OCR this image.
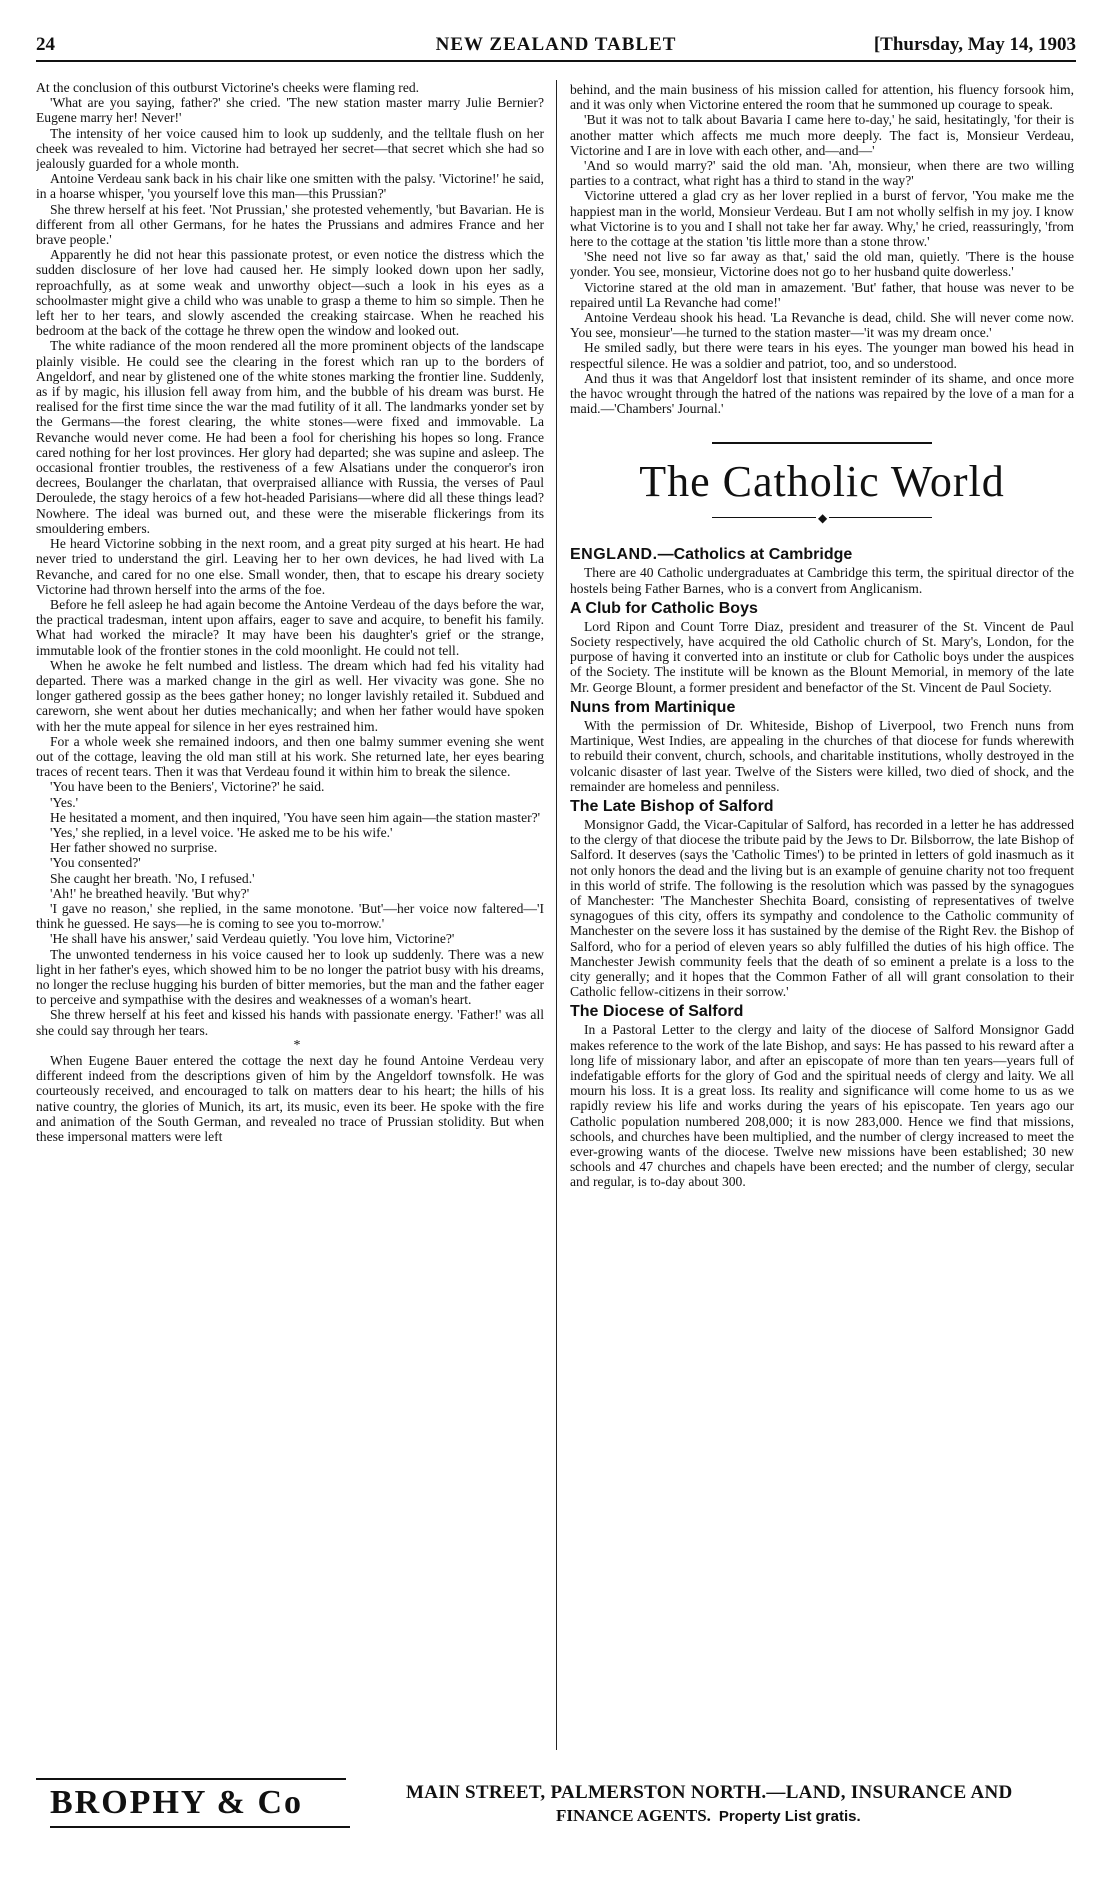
24	NEW ZEALAND TABLET	[Thursday, May 14, 1903

At the conclusion of this outburst Victorine's cheeks were flaming red.

'What are you saying, father?' she cried. 'The new station master marry Julie Bernier? Eugene marry her! Never!'

The intensity of her voice caused him to look up suddenly, and the telltale flush on her cheek was revealed to him. Victorine had betrayed her secret—that secret which she had so jealously guarded for a whole month.

Antoine Verdeau sank back in his chair like one smitten with the palsy. 'Victorine!' he said, in a hoarse whisper, 'you yourself love this man—this Prussian?'

She threw herself at his feet. 'Not Prussian,' she protested vehemently, 'but Bavarian. He is different from all other Germans, for he hates the Prussians and admires France and her brave people.'

Apparently he did not hear this passionate protest, or even notice the distress which the sudden disclosure of her love had caused her. He simply looked down upon her sadly, reproachfully, as at some weak and unworthy object—such a look in his eyes as a schoolmaster might give a child who was unable to grasp a theme to him so simple. Then he left her to her tears, and slowly ascended the creaking staircase. When he reached his bedroom at the back of the cottage he threw open the window and looked out.

The white radiance of the moon rendered all the more prominent objects of the landscape plainly visible. He could see the clearing in the forest which ran up to the borders of Angeldorf, and near by glistened one of the white stones marking the frontier line. Suddenly, as if by magic, his illusion fell away from him, and the bubble of his dream was burst. He realised for the first time since the war the mad futility of it all. The landmarks yonder set by the Germans—the forest clearing, the white stones—were fixed and immovable. La Revanche would never come. He had been a fool for cherishing his hopes so long. France cared nothing for her lost provinces. Her glory had departed; she was supine and asleep. The occasional frontier troubles, the restiveness of a few Alsatians under the conqueror's iron decrees, Boulanger the charlatan, that overpraised alliance with Russia, the verses of Paul Deroulede, the stagy heroics of a few hot-headed Parisians—where did all these things lead? Nowhere. The ideal was burned out, and these were the miserable flickerings from its smouldering embers.

He heard Victorine sobbing in the next room, and a great pity surged at his heart. He had never tried to understand the girl. Leaving her to her own devices, he had lived with La Revanche, and cared for no one else. Small wonder, then, that to escape his dreary society Victorine had thrown herself into the arms of the foe.

Before he fell asleep he had again become the Antoine Verdeau of the days before the war, the practical tradesman, intent upon affairs, eager to save and acquire, to benefit his family. What had worked the miracle? It may have been his daughter's grief or the strange, immutable look of the frontier stones in the cold moonlight. He could not tell.

When he awoke he felt numbed and listless. The dream which had fed his vitality had departed. There was a marked change in the girl as well. Her vivacity was gone. She no longer gathered gossip as the bees gather honey; no longer lavishly retailed it. Subdued and careworn, she went about her duties mechanically; and when her father would have spoken with her the mute appeal for silence in her eyes restrained him.

For a whole week she remained indoors, and then one balmy summer evening she went out of the cottage, leaving the old man still at his work. She returned late, her eyes bearing traces of recent tears. Then it was that Verdeau found it within him to break the silence.

'You have been to the Beniers', Victorine?' he said.

'Yes.'

He hesitated a moment, and then inquired, 'You have seen him again—the station master?'

'Yes,' she replied, in a level voice. 'He asked me to be his wife.'

Her father showed no surprise.

'You consented?'

She caught her breath. 'No, I refused.'

'Ah!' he breathed heavily. 'But why?'

'I gave no reason,' she replied, in the same monotone. 'But'—her voice now faltered—'I think he guessed. He says—he is coming to see you to-morrow.'

'He shall have his answer,' said Verdeau quietly. 'You love him, Victorine?'

The unwonted tenderness in his voice caused her to look up suddenly. There was a new light in her father's eyes, which showed him to be no longer the patriot busy with his dreams, no longer the recluse hugging his burden of bitter memories, but the man and the father eager to perceive and sympathise with the desires and weaknesses of a woman's heart.

She threw herself at his feet and kissed his hands with passionate energy. 'Father!' was all she could say through her tears.

*

When Eugene Bauer entered the cottage the next day he found Antoine Verdeau very different indeed from the descriptions given of him by the Angeldorf townsfolk. He was courteously received, and encouraged to talk on matters dear to his heart; the hills of his native country, the glories of Munich, its art, its music, even its beer. He spoke with the fire and animation of the South German, and revealed no trace of Prussian stolidity. But when these impersonal matters were left

behind, and the main business of his mission called for attention, his fluency forsook him, and it was only when Victorine entered the room that he summoned up courage to speak.

'But it was not to talk about Bavaria I came here to-day,' he said, hesitatingly, 'for their is another matter which affects me much more deeply. The fact is, Monsieur Verdeau, Victorine and I are in love with each other, and—and—'

'And so would marry?' said the old man. 'Ah, monsieur, when there are two willing parties to a contract, what right has a third to stand in the way?'

Victorine uttered a glad cry as her lover replied in a burst of fervor, 'You make me the happiest man in the world, Monsieur Verdeau. But I am not wholly selfish in my joy. I know what Victorine is to you and I shall not take her far away. Why,' he cried, reassuringly, 'from here to the cottage at the station 'tis little more than a stone throw.'

'She need not live so far away as that,' said the old man, quietly. 'There is the house yonder. You see, monsieur, Victorine does not go to her husband quite dowerless.'

Victorine stared at the old man in amazement. 'But' father, that house was never to be repaired until La Revanche had come!'

Antoine Verdeau shook his head. 'La Revanche is dead, child. She will never come now. You see, monsieur'—he turned to the station master—'it was my dream once.'

He smiled sadly, but there were tears in his eyes. The younger man bowed his head in respectful silence. He was a soldier and patriot, too, and so understood.

And thus it was that Angeldorf lost that insistent reminder of its shame, and once more the havoc wrought through the hatred of the nations was repaired by the love of a man for a maid.—'Chambers' Journal.'

The Catholic World
◆
ENGLAND.—Catholics at Cambridge

There are 40 Catholic undergraduates at Cambridge this term, the spiritual director of the hostels being Father Barnes, who is a convert from Anglicanism.

A Club for Catholic Boys

Lord Ripon and Count Torre Diaz, president and treasurer of the St. Vincent de Paul Society respectively, have acquired the old Catholic church of St. Mary's, London, for the purpose of having it converted into an institute or club for Catholic boys under the auspices of the Society. The institute will be known as the Blount Memorial, in memory of the late Mr. George Blount, a former president and benefactor of the St. Vincent de Paul Society.

Nuns from Martinique

With the permission of Dr. Whiteside, Bishop of Liverpool, two French nuns from Martinique, West Indies, are appealing in the churches of that diocese for funds wherewith to rebuild their convent, church, schools, and charitable institutions, wholly destroyed in the volcanic disaster of last year. Twelve of the Sisters were killed, two died of shock, and the remainder are homeless and penniless.

The Late Bishop of Salford

Monsignor Gadd, the Vicar-Capitular of Salford, has recorded in a letter he has addressed to the clergy of that diocese the tribute paid by the Jews to Dr. Bilsborrow, the late Bishop of Salford. It deserves (says the 'Catholic Times') to be printed in letters of gold inasmuch as it not only honors the dead and the living but is an example of genuine charity not too frequent in this world of strife. The following is the resolution which was passed by the synagogues of Manchester: 'The Manchester Shechita Board, consisting of representatives of twelve synagogues of this city, offers its sympathy and condolence to the Catholic community of Manchester on the severe loss it has sustained by the demise of the Right Rev. the Bishop of Salford, who for a period of eleven years so ably fulfilled the duties of his high office. The Manchester Jewish community feels that the death of so eminent a prelate is a loss to the city generally; and it hopes that the Common Father of all will grant consolation to their Catholic fellow-citizens in their sorrow.'

The Diocese of Salford

In a Pastoral Letter to the clergy and laity of the diocese of Salford Monsignor Gadd makes reference to the work of the late Bishop, and says: He has passed to his reward after a long life of missionary labor, and after an episcopate of more than ten years—years full of indefatigable efforts for the glory of God and the spiritual needs of clergy and laity. We all mourn his loss. It is a great loss. Its reality and significance will come home to us as we rapidly review his life and works during the years of his episcopate. Ten years ago our Catholic population numbered 208,000; it is now 283,000. Hence we find that missions, schools, and churches have been multiplied, and the number of clergy increased to meet the ever-growing wants of the diocese. Twelve new missions have been established; 30 new schools and 47 churches and chapels have been erected; and the number of clergy, secular and regular, is to-day about 300.

BROPHY & Co	MAIN STREET, PALMERSTON NORTH.—LAND, INSURANCE AND
FINANCE AGENTS. Property List gratis.
